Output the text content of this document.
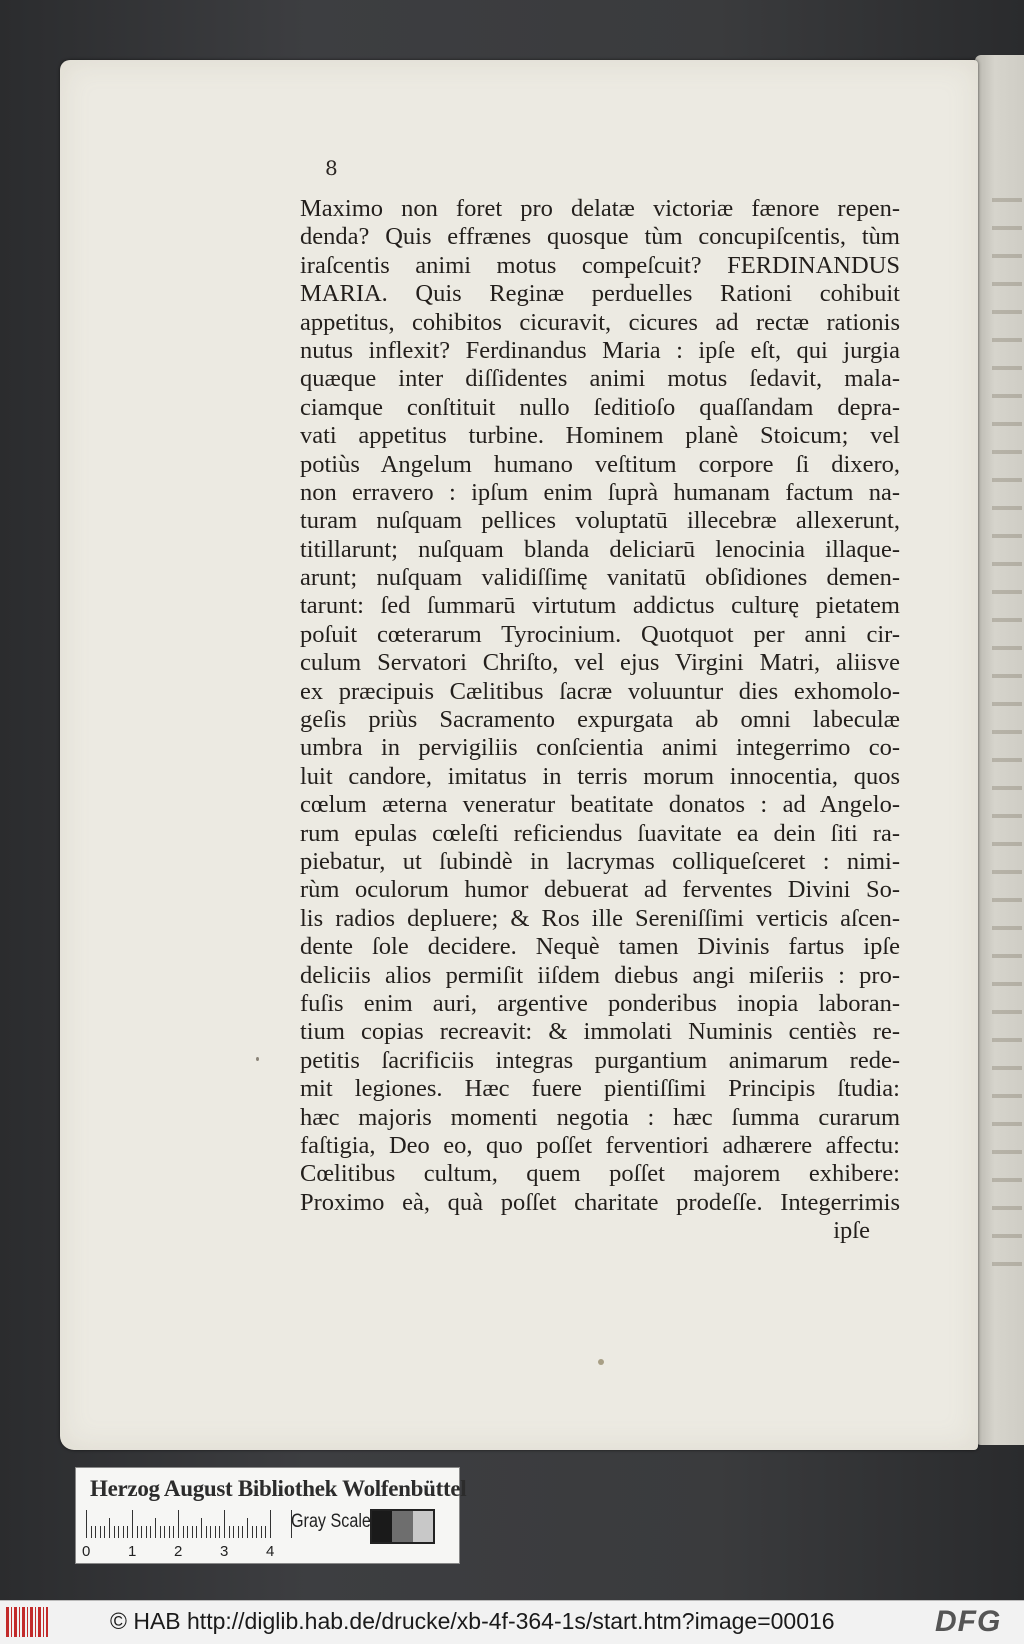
8
Maximo non foret pro delatæ victoriæ fænore repen-
denda? Quis effrænes quosque tùm concupiſcentis, tùm
iraſcentis animi motus compeſcuit? FERDINANDUS
MARIA. Quis Reginæ perduelles Rationi cohibuit
appetitus, cohibitos cicuravit, cicures ad rectæ rationis
nutus inflexit? Ferdinandus Maria : ipſe eſt, qui jurgia
quæque inter diſſidentes animi motus ſedavit, mala-
ciamque conſtituit nullo ſeditioſo quaſſandam depra-
vati appetitus turbine. Hominem planè Stoicum; vel
potiùs Angelum humano veſtitum corpore ſi dixero,
non erravero : ipſum enim ſuprà humanam factum na-
turam nuſquam pellices voluptatū illecebræ allexerunt,
titillarunt; nuſquam blanda deliciarū lenocinia illaque-
arunt; nuſquam validiſſimę vanitatū obſidiones demen-
tarunt: ſed ſummarū virtutum addictus culturę pietatem
poſuit cœterarum Tyrocinium. Quotquot per anni cir-
culum Servatori Chriſto, vel ejus Virgini Matri, aliisve
ex præcipuis Cælitibus ſacræ voluuntur dies exhomolo-
geſis priùs Sacramento expurgata ab omni labeculæ
umbra in pervigiliis conſcientia animi integerrimo co-
luit candore, imitatus in terris morum innocentia, quos
cœlum æterna veneratur beatitate donatos : ad Angelo-
rum epulas cœleſti reficiendus ſuavitate ea dein ſiti ra-
piebatur, ut ſubindè in lacrymas colliqueſceret : nimi-
rùm oculorum humor debuerat ad ferventes Divini So-
lis radios depluere; & Ros ille Sereniſſimi verticis aſcen-
dente ſole decidere. Nequè tamen Divinis fartus ipſe
deliciis alios permiſit iiſdem diebus angi miſeriis : pro-
fuſis enim auri, argentive ponderibus inopia laboran-
tium copias recreavit: & immolati Numinis centiès re-
petitis ſacrificiis integras purgantium animarum rede-
mit legiones. Hæc fuere pientiſſimi Principis ſtudia:
hæc majoris momenti negotia : hæc ſumma curarum
faſtigia, Deo eo, quo poſſet ferventiori adhærere affectu:
Cœlitibus cultum, quem poſſet majorem exhibere:
Proximo eà, quà poſſet charitate prodeſſe. Integerrimis
ipſe
Herzog August Bibliothek Wolfenbüttel
0	1	2	3	4
Gray Scale
© HAB http://diglib.hab.de/drucke/xb-4f-364-1s/start.htm?image=00016	DFG
